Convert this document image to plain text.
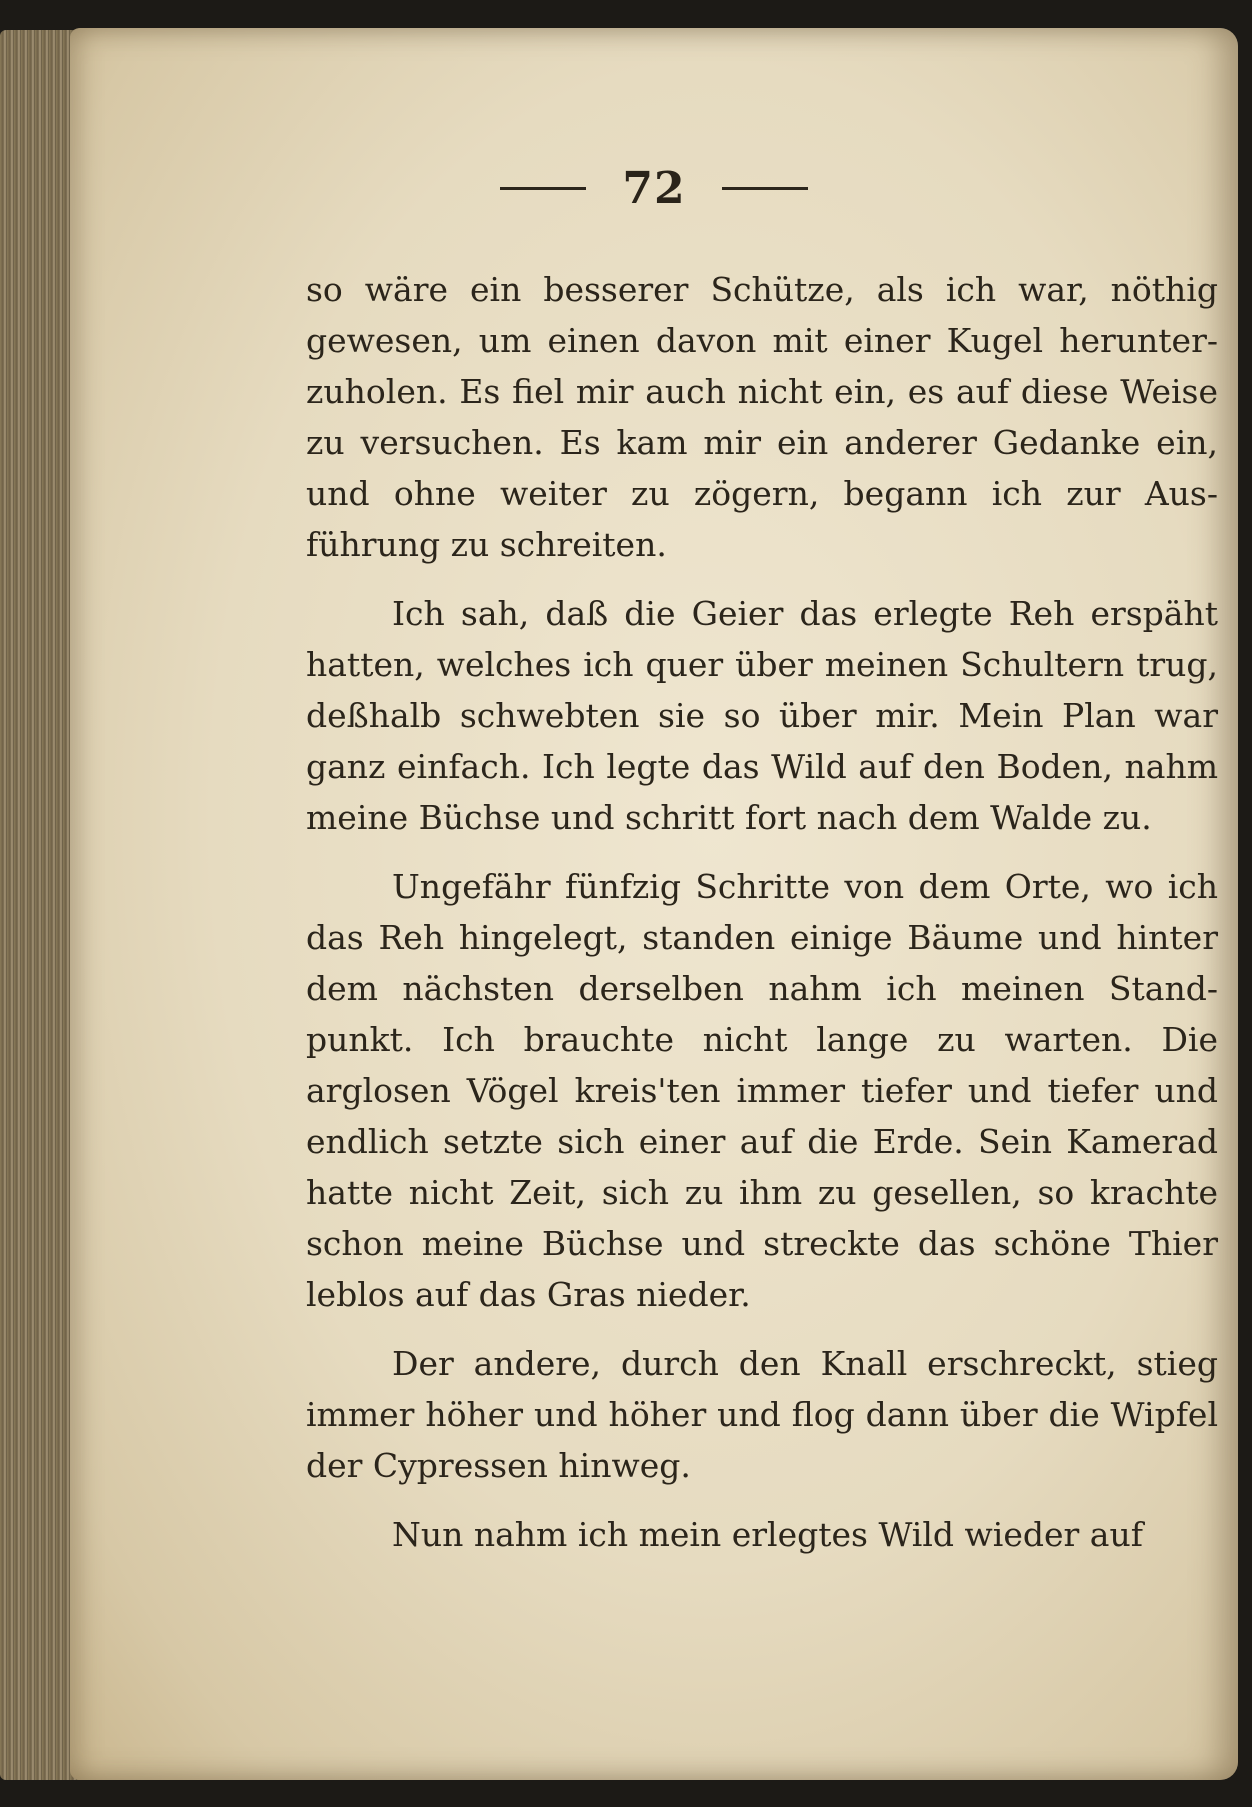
72

so wäre ein besserer Schütze, als ich war, nöthig gewesen, um einen davon mit einer Kugel herunter- zuholen. Es fiel mir auch nicht ein, es auf diese Weise zu versuchen. Es kam mir ein anderer Gedanke ein, und ohne weiter zu zögern, begann ich zur Aus- führung zu schreiten.

Ich sah, daß die Geier das erlegte Reh erspäht hatten, welches ich quer über meinen Schultern trug, deßhalb schwebten sie so über mir. Mein Plan war ganz einfach. Ich legte das Wild auf den Boden, nahm meine Büchse und schritt fort nach dem Walde zu.

Ungefähr fünfzig Schritte von dem Orte, wo ich das Reh hingelegt, standen einige Bäume und hinter dem nächsten derselben nahm ich meinen Stand- punkt. Ich brauchte nicht lange zu warten. Die arglosen Vögel kreis'ten immer tiefer und tiefer und endlich setzte sich einer auf die Erde. Sein Kamerad hatte nicht Zeit, sich zu ihm zu gesellen, so krachte schon meine Büchse und streckte das schöne Thier leblos auf das Gras nieder.

Der andere, durch den Knall erschreckt, stieg immer höher und höher und flog dann über die Wipfel der Cypressen hinweg.

Nun nahm ich mein erlegtes Wild wieder auf
